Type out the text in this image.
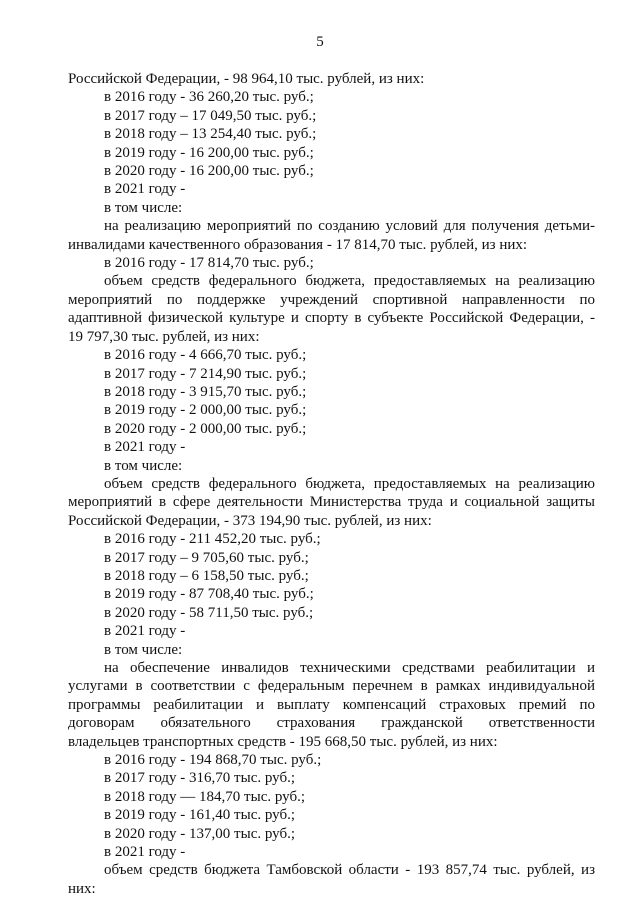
5
Российской Федерации, - 98 964,10 тыс. рублей, из них:
в 2016 году - 36 260,20 тыс. руб.;
в 2017 году – 17 049,50 тыс. руб.;
в 2018 году – 13 254,40 тыс. руб.;
в 2019 году - 16 200,00 тыс. руб.;
в 2020 году - 16 200,00 тыс. руб.;
в 2021 году -
в том числе:
на реализацию мероприятий по созданию условий для получения детьми-
инвалидами качественного образования - 17 814,70 тыс. рублей, из них:
в 2016 году - 17 814,70 тыс. руб.;
объем средств федерального бюджета, предоставляемых на реализацию
мероприятий по поддержке учреждений спортивной направленности по
адаптивной физической культуре и спорту в субъекте Российской Федерации, -
19 797,30 тыс. рублей, из них:
в 2016 году - 4 666,70 тыс. руб.;
в 2017 году - 7 214,90 тыс. руб.;
в 2018 году - 3 915,70 тыс. руб.;
в 2019 году - 2 000,00 тыс. руб.;
в 2020 году - 2 000,00 тыс. руб.;
в 2021 году -
в том числе:
объем средств федерального бюджета, предоставляемых на реализацию
мероприятий в сфере деятельности Министерства труда и социальной защиты
Российской Федерации, - 373 194,90 тыс. рублей, из них:
в 2016 году - 211 452,20 тыс. руб.;
в 2017 году – 9 705,60 тыс. руб.;
в 2018 году – 6 158,50 тыс. руб.;
в 2019 году - 87 708,40 тыс. руб.;
в 2020 году - 58 711,50 тыс. руб.;
в 2021 году -
в том числе:
на обеспечение инвалидов техническими средствами реабилитации и
услугами в соответствии с федеральным перечнем в рамках индивидуальной
программы реабилитации и выплату компенсаций страховых премий по
договорам обязательного страхования гражданской ответственности
владельцев транспортных средств - 195 668,50 тыс. рублей, из них:
в 2016 году - 194 868,70 тыс. руб.;
в 2017 году - 316,70 тыс. руб.;
в 2018 году — 184,70 тыс. руб.;
в 2019 году - 161,40 тыс. руб.;
в 2020 году - 137,00 тыс. руб.;
в 2021 году -
объем средств бюджета Тамбовской области - 193 857,74 тыс. рублей, из
них:
